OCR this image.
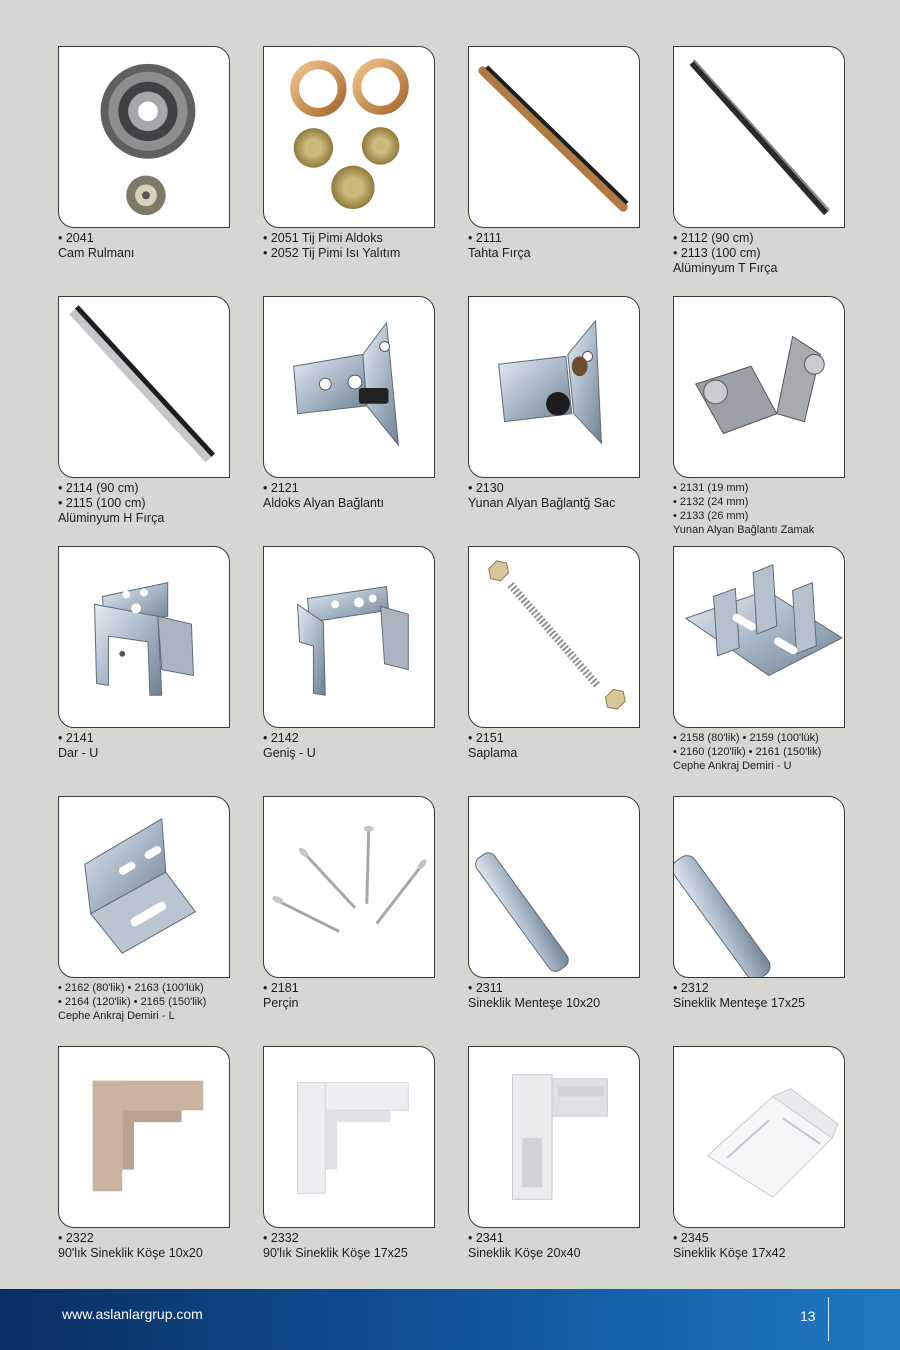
• 2041
Cam Rulmanı
• 2051 Tij Pimi Aldoks
• 2052 Tij Pimi Isı Yalıtım
• 2111
Tahta Fırça
• 2112 (90 cm)
• 2113 (100 cm)
Alüminyum T Fırça
• 2114 (90 cm)
• 2115 (100 cm)
Alüminyum H Fırça
• 2121
Aldoks Alyan Bağlantı
• 2130
Yunan Alyan Bağlantğ Sac
• 2131 (19 mm)
• 2132 (24 mm)
• 2133 (26 mm)
Yunan Alyan Bağlantı Zamak
• 2141
Dar - U
• 2142
Geniş - U
• 2151
Saplama
• 2158 (80'lik) • 2159 (100'lük)
• 2160 (120'lik) • 2161 (150'lik)
Cephe Ankraj Demiri - U
• 2162 (80'lik) • 2163 (100'lük)
• 2164 (120'lik) • 2165 (150'lik)
Cephe Ankraj Demiri - L
• 2181
Perçin
• 2311
Sineklik Menteşe 10x20
• 2312
Sineklik Menteşe 17x25
• 2322
90'lık Sineklik Köşe 10x20
• 2332
90'lık Sineklik Köşe 17x25
• 2341
Sineklik Köşe 20x40
• 2345
Sineklik Köşe 17x42
www.aslanlargrup.com	13
